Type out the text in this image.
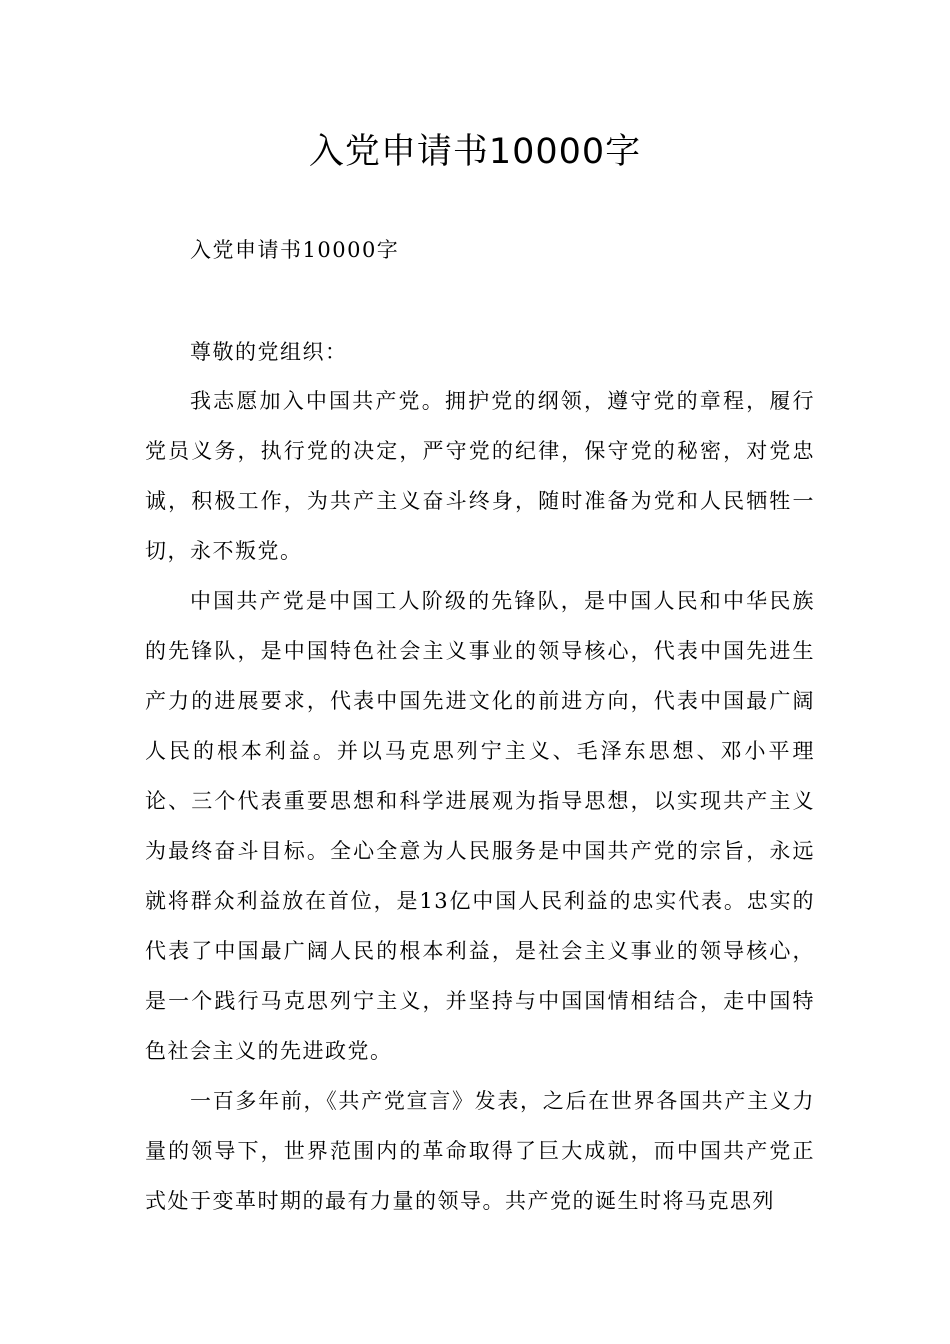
入党申请书10000字
入党申请书10000字
尊敬的党组织：

我志愿加入中国共产党。拥护党的纲领，遵守党的章程，履行党员义务，执行党的决定，严守党的纪律，保守党的秘密，对党忠诚，积极工作，为共产主义奋斗终身，随时准备为党和人民牺牲一切，永不叛党。

中国共产党是中国工人阶级的先锋队，是中国人民和中华民族的先锋队，是中国特色社会主义事业的领导核心，代表中国先进生产力的进展要求，代表中国先进文化的前进方向，代表中国最广阔人民的根本利益。并以马克思列宁主义、毛泽东思想、邓小平理论、三个代表重要思想和科学进展观为指导思想，以实现共产主义为最终奋斗目标。全心全意为人民服务是中国共产党的宗旨，永远就将群众利益放在首位，是13亿中国人民利益的忠实代表。忠实的代表了中国最广阔人民的根本利益，是社会主义事业的领导核心，是一个践行马克思列宁主义，并坚持与中国国情相结合，走中国特色社会主义的先进政党。

一百多年前，《共产党宣言》发表，之后在世界各国共产主义力量的领导下，世界范围内的革命取得了巨大成就，而中国共产党正式处于变革时期的最有力量的领导。共产党的诞生时将马克思列
